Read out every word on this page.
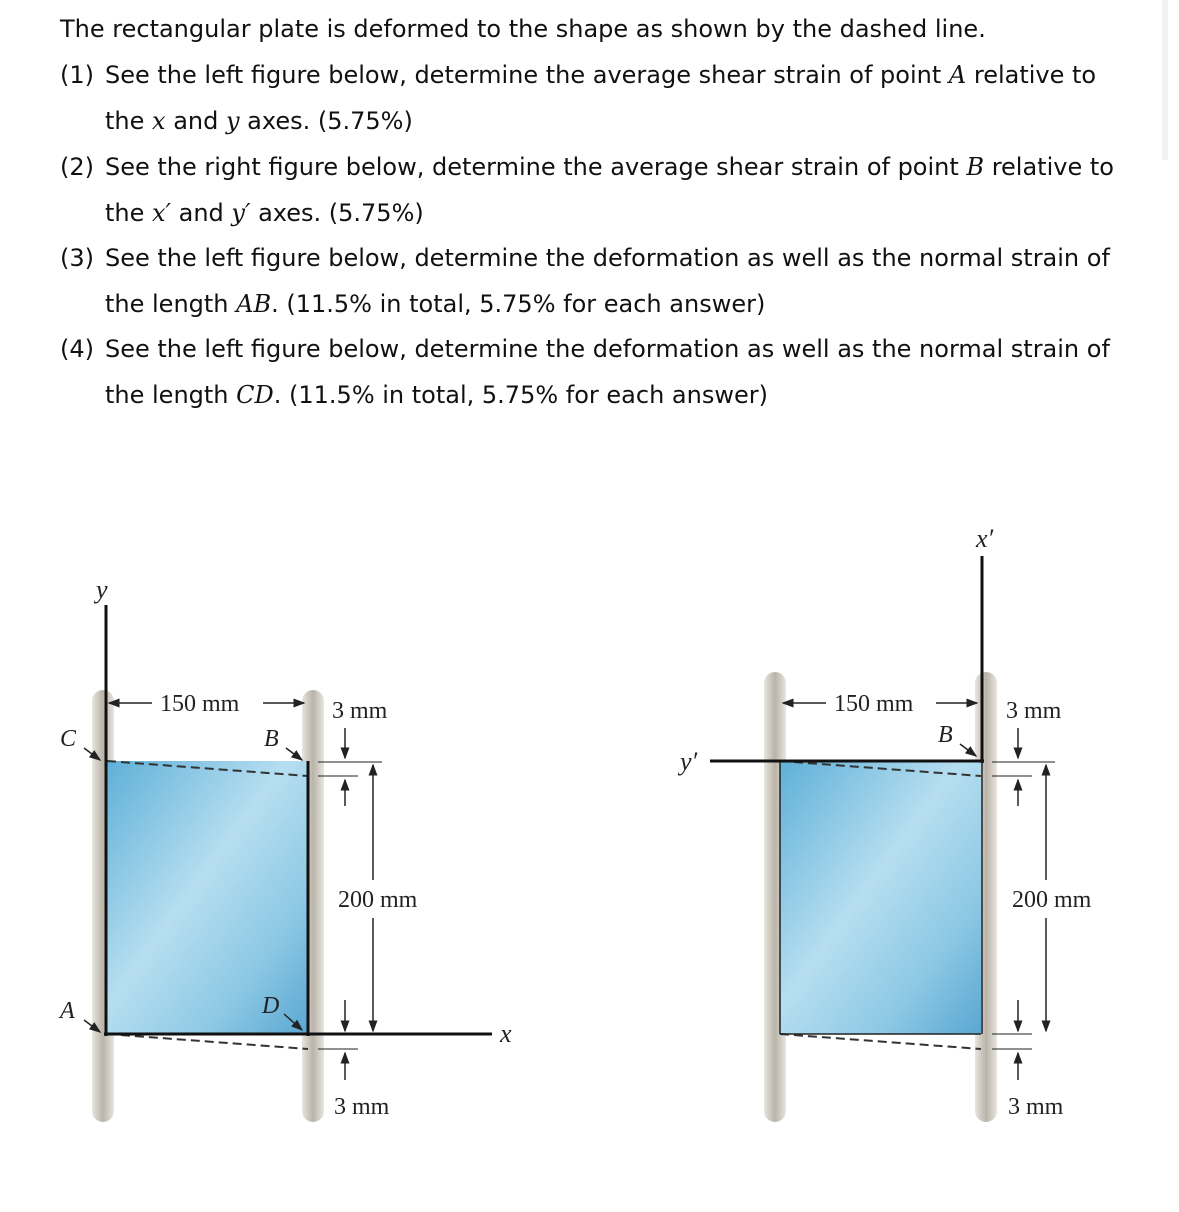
The rectangular plate is deformed to the shape as shown by the dashed line.
(1) See the left figure below, determine the average shear strain of point A relative to the x and y axes. (5.75%)
(2) See the right figure below, determine the average shear strain of point B relative to the x′ and y′ axes. (5.75%)
(3) See the left figure below, determine the deformation as well as the normal strain of the length AB. (11.5% in total, 5.75% for each answer)
(4) See the left figure below, determine the deformation as well as the normal strain of the length CD. (11.5% in total, 5.75% for each answer)
y
x
C
A
B
D
150 mm	3 mm
200 mm
3 mm
x′
y′
B
150 mm	3 mm
200 mm
3 mm
